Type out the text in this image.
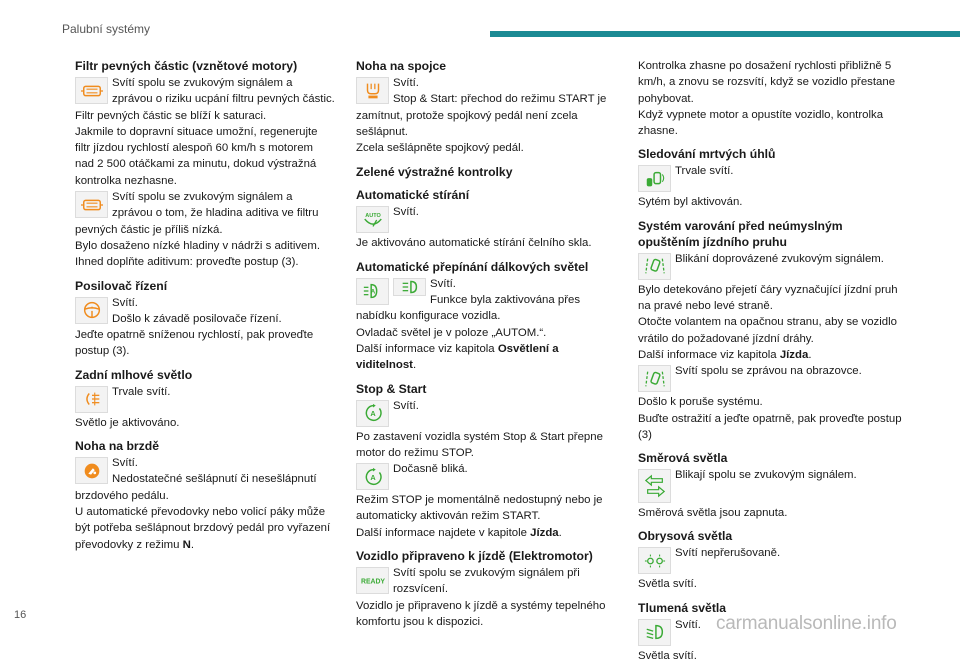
Palubní systémy
Filtr pevných částic (vznětové motory)
Svítí spolu se zvukovým signálem a zprávou o riziku ucpání filtru pevných částic.
Filtr pevných částic se blíží k saturaci.
Jakmile to dopravní situace umožní, regenerujte filtr jízdou rychlostí alespoň 60 km/h s motorem nad 2 500 otáčkami za minutu, dokud výstražná kontrolka nezhasne.
Svítí spolu se zvukovým signálem a zprávou o tom, že hladina aditiva ve filtru pevných částic je příliš nízká.
Bylo dosaženo nízké hladiny v nádrži s aditivem. Ihned doplňte aditivum: proveďte postup (3).
Posilovač řízení
!	Svítí.
Došlo k závadě posilovače řízení.
Jeďte opatrně sníženou rychlostí, pak proveďte postup (3).
Zadní mlhové světlo
Trvale svítí.
Světlo je aktivováno.
Noha na brzdě
Svítí.
Nedostatečné sešlápnutí či nesešlápnutí brzdového pedálu.
U automatické převodovky nebo volicí páky může být potřeba sešlápnout brzdový pedál pro vyřazení převodovky z režimu N.
Noha na spojce
Svítí.
Stop & Start: přechod do režimu START je zamítnut, protože spojkový pedál není zcela sešlápnut.
Zcela sešlápněte spojkový pedál.
Zelené výstražné kontrolky
Automatické stírání
AUTO	Svítí.
Je aktivováno automatické stírání čelního skla.
Automatické přepínání dálkových světel
A
Svítí.
Funkce byla zaktivována přes nabídku konfigurace vozidla.
Ovladač světel je v poloze „AUTOM.“.
Další informace viz kapitola Osvětlení a viditelnost.
Stop & Start
A
Svítí.
Po zastavení vozidla systém Stop & Start přepne motor do režimu STOP.
A
Dočasně bliká.
Režim STOP je momentálně nedostupný nebo je automaticky aktivován režim START.
Další informace najdete v kapitole Jízda.
Vozidlo připraveno k jízdě (Elektromotor)
READY
Svítí spolu se zvukovým signálem při rozsvícení.
Vozidlo je připraveno k jízdě a systémy tepelného komfortu jsou k dispozici.
Kontrolka zhasne po dosažení rychlosti přibližně 5 km/h, a znovu se rozsvítí, když se vozidlo přestane pohybovat.
Když vypnete motor a opustíte vozidlo, kontrolka zhasne.
Sledování mrtvých úhlů
Trvale svítí.
Sytém byl aktivován.
Systém varování před neúmyslným opuštěním jízdního pruhu
Blikání doprovázené zvukovým signálem.
Bylo detekováno přejetí čáry vyznačující jízdní pruh na pravé nebo levé straně.
Otočte volantem na opačnou stranu, aby se vozidlo vrátilo do požadované jízdní dráhy.
Další informace viz kapitola Jízda.
Svítí spolu se zprávou na obrazovce.
Došlo k poruše systému.
Buďte ostražití a jeďte opatrně, pak proveďte postup (3)
Směrová světla
Blikají spolu se zvukovým signálem.
Směrová světla jsou zapnuta.
Obrysová světla
Svítí nepřerušovaně.
Světla svítí.
Tlumená světla
Svítí.
Světla svítí.
16	carmanualsonline.info
